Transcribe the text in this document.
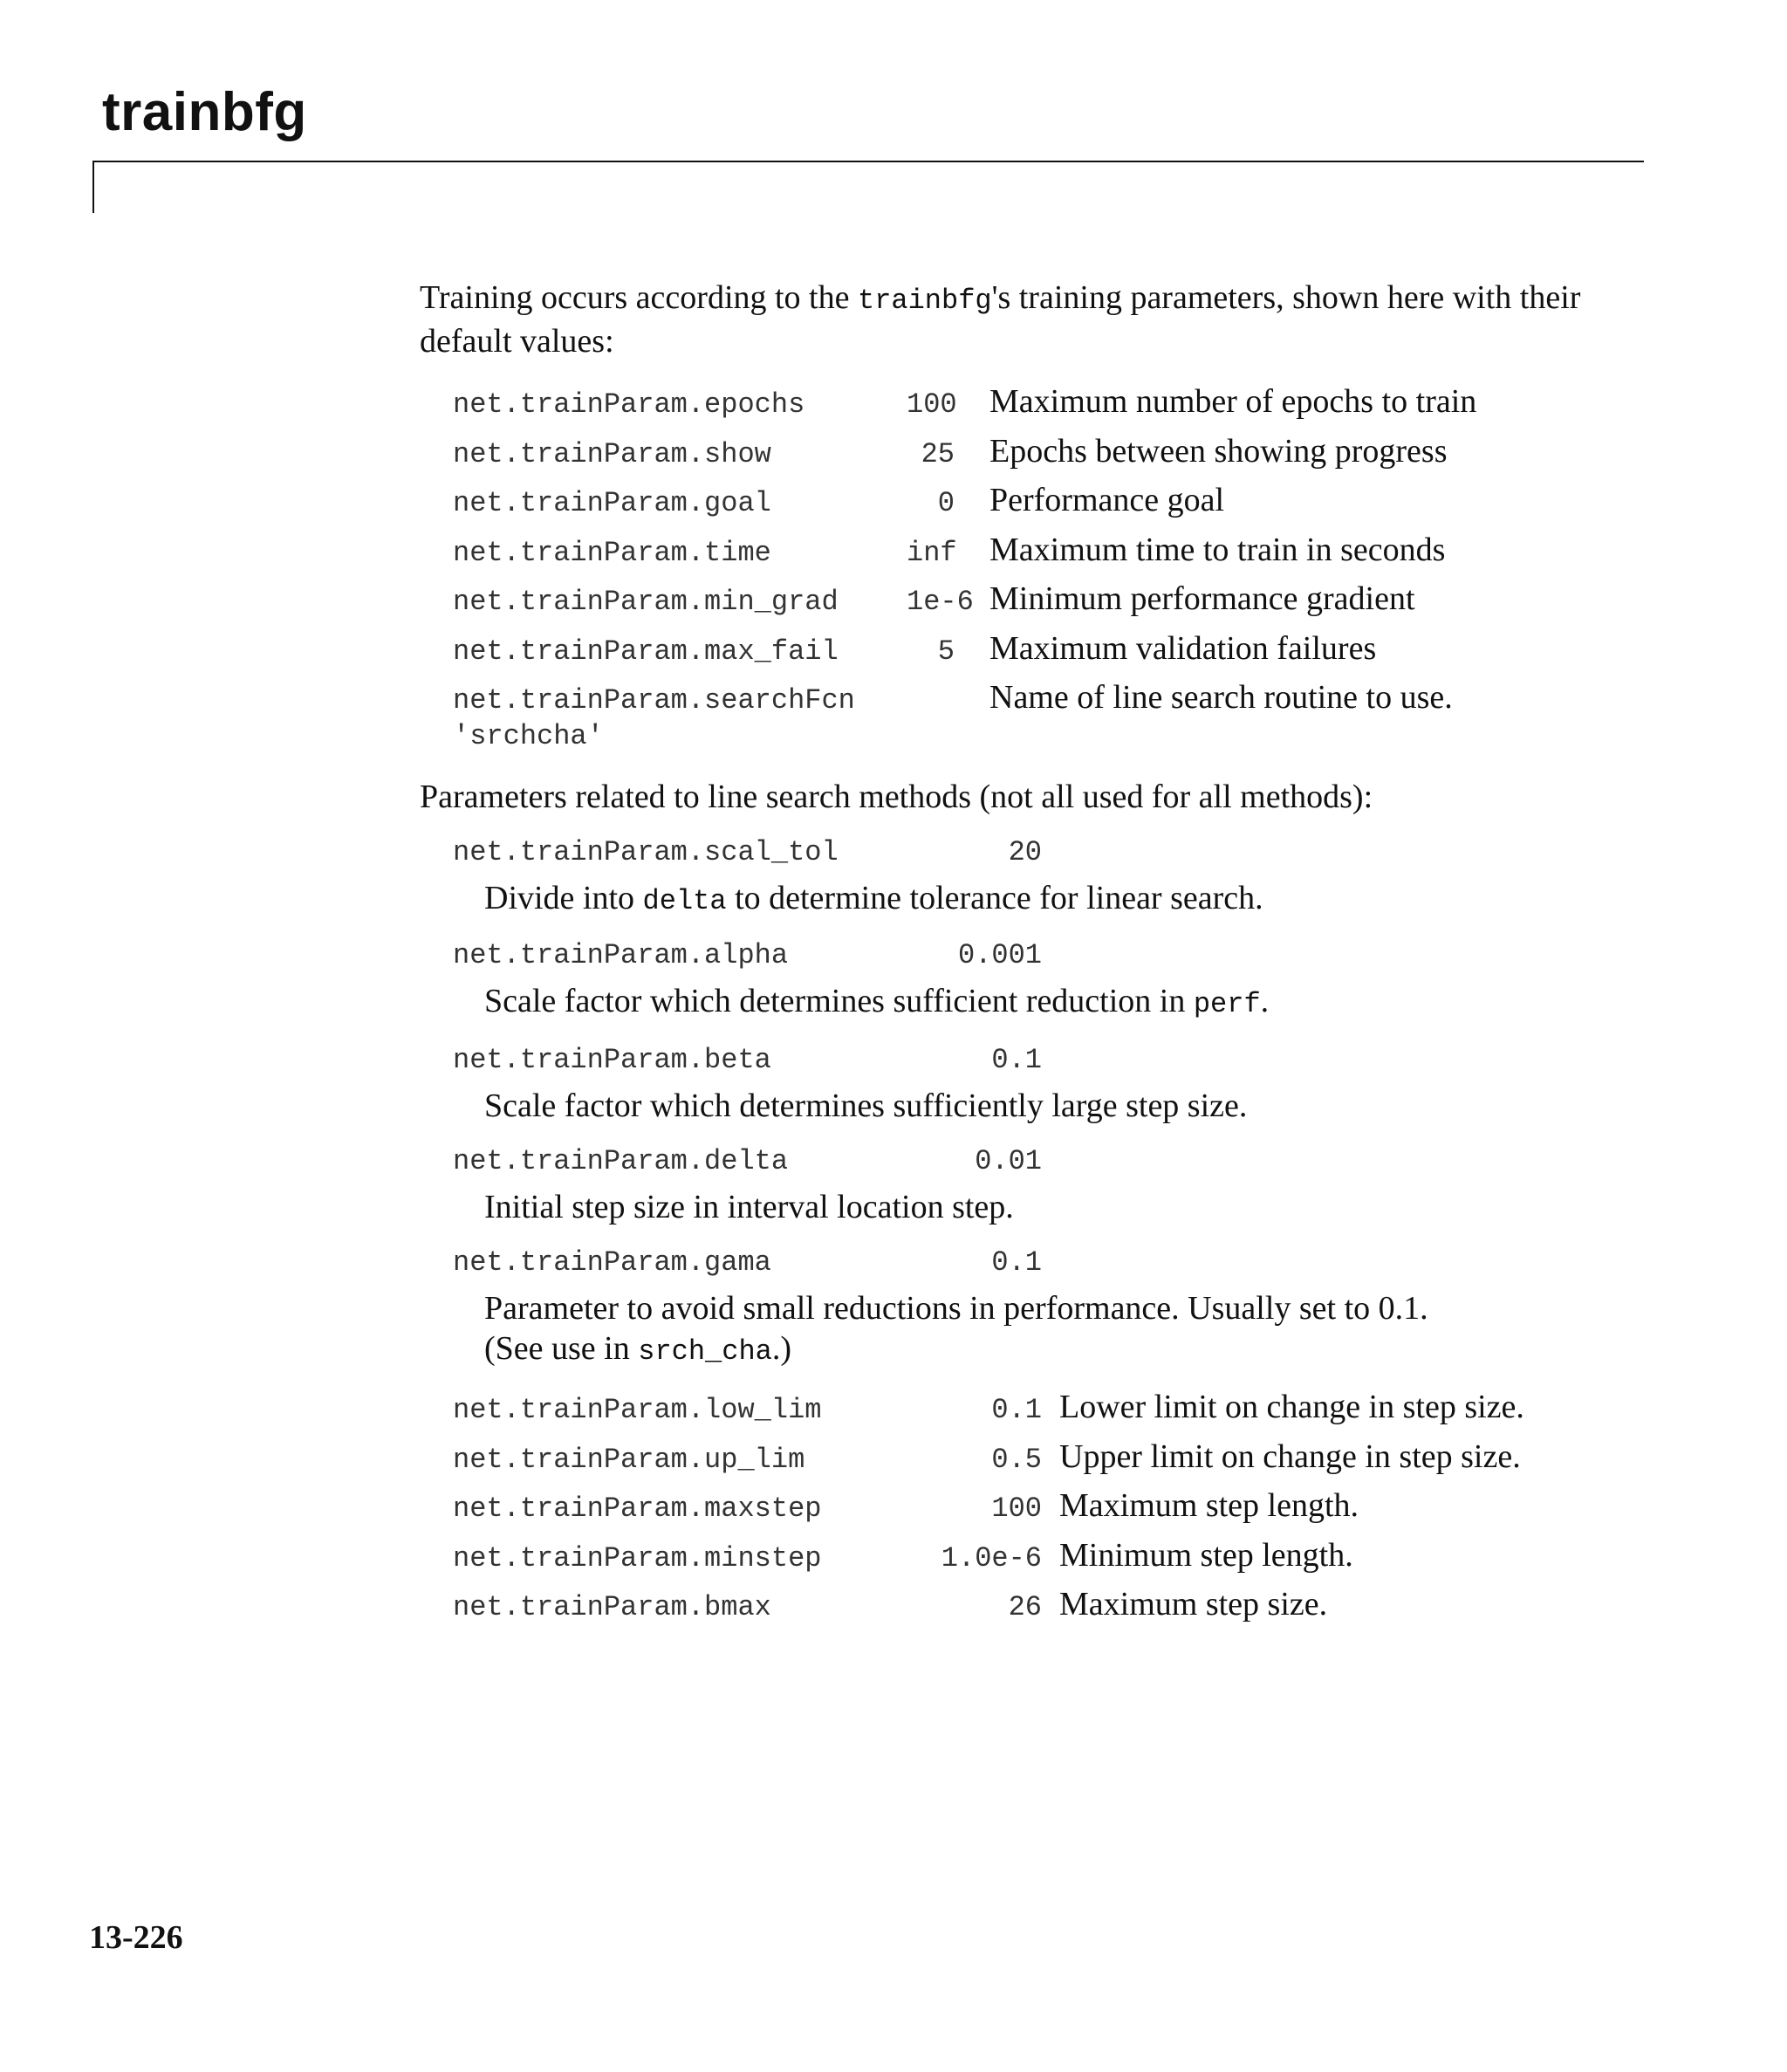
trainbfg

Training occurs according to the trainbfg's training parameters, shown here with their default values:

net.trainParam.epochs	100 Maximum number of epochs to train
net.trainParam.show	25 Epochs between showing progress
net.trainParam.goal	0 Performance goal
net.trainParam.time	inf Maximum time to train in seconds
net.trainParam.min_grad	1e-6 Minimum performance gradient
net.trainParam.max_fail	5 Maximum validation failures
net.trainParam.searchFcn	Name of line search routine to use.
'srchcha'

Parameters related to line search methods (not all used for all methods):

net.trainParam.scal_tol	20

Divide into delta to determine tolerance for linear search.

net.trainParam.alpha	0.001

Scale factor which determines sufficient reduction in perf.

net.trainParam.beta	0.1

Scale factor which determines sufficiently large step size.

net.trainParam.delta	0.01

Initial step size in interval location step.

net.trainParam.gama	0.1

Parameter to avoid small reductions in performance. Usually set to 0.1.

(See use in srch_cha.)

net.trainParam.low_lim	0.1 Lower limit on change in step size.
net.trainParam.up_lim	0.5 Upper limit on change in step size.
net.trainParam.maxstep	100 Maximum step length.
net.trainParam.minstep	1.0e-6 Minimum step length.
net.trainParam.bmax	26 Maximum step size.
13-226
